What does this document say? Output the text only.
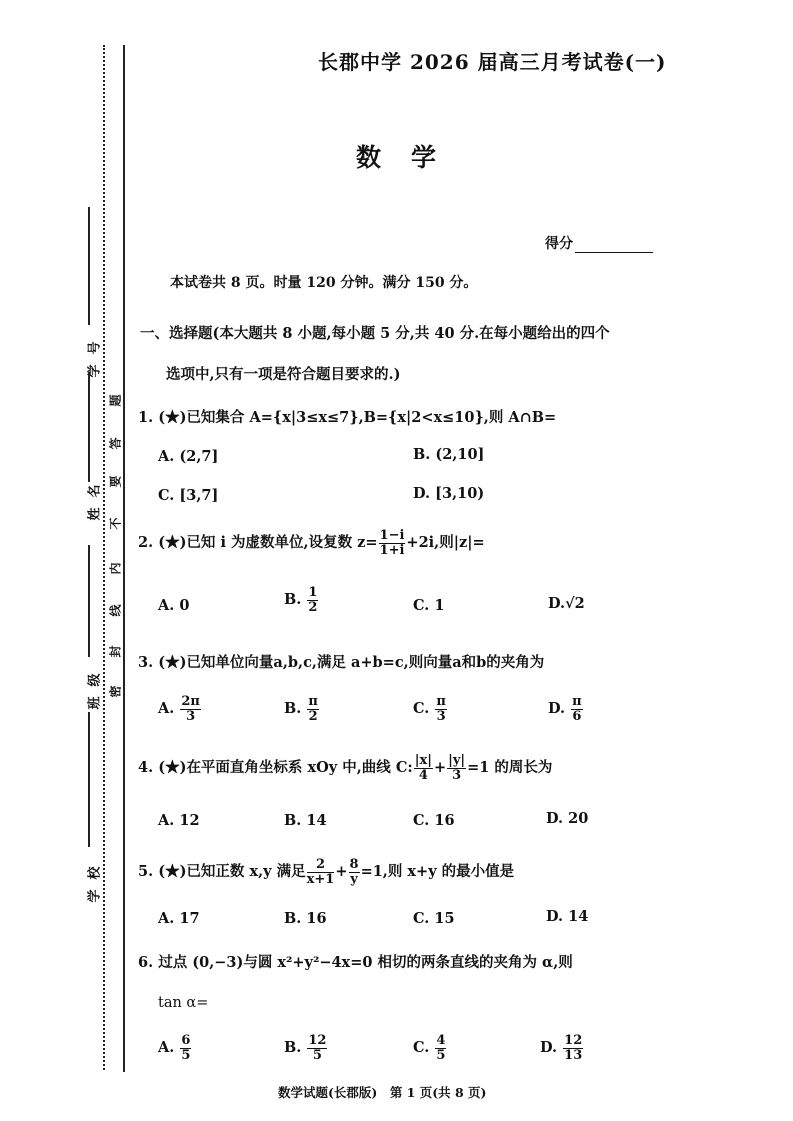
学号
姓名
班级
学校
题
答
要
不
内
线
封
密
长郡中学 2026 届高三月考试卷(一)
数学
得分
本试卷共 8 页。时量 120 分钟。满分 150 分。
一、选择题(本大题共 8 小题,每小题 5 分,共 40 分.在每小题给出的四个
选项中,只有一项是符合题目要求的.)
1. (★)已知集合 A={x|3≤x≤7},B={x|2<x≤10},则 A∩B=
A. (2,7]	B. (2,10]
C. [3,7]	D. [3,10)
2. (★)已知 i 为虚数单位,设复数 $z= \frac{1-i}{1+i} +2i$,则|z|=
A. 0	B. $\frac{1}{2}$	C. 1	D.√2
3. (★)已知单位向量a,b,c,满足 a+b=c,则向量a和b的夹角为
A. $\frac{2\pi}{3}$	B. $\frac{\pi}{2}$	C. $\frac{\pi}{3}$	D. $\frac{\pi}{6}$
4. (★)在平面直角坐标系 xOy 中,曲线 C: $\frac{|x|}{4} + \frac{|y|}{3} =1$ 的周长为
A. 12	B. 14	C. 16	D. 20
5. (★)已知正数 x,y 满足 $\frac{2}{x+1} + \frac{8}{y} =1$,则 x+y 的最小值是
A. 17	B. 16	C. 15	D. 14
6. 过点 (0,−3)与圆 x²+y²−4x=0 相切的两条直线的夹角为 α,则
tan α=
A. $\frac{6}{5}$	B. $\frac{12}{5}$	C. $\frac{4}{5}$	D. $\frac{12}{13}$
数学试题(长郡版)　第 1 页(共 8 页)
